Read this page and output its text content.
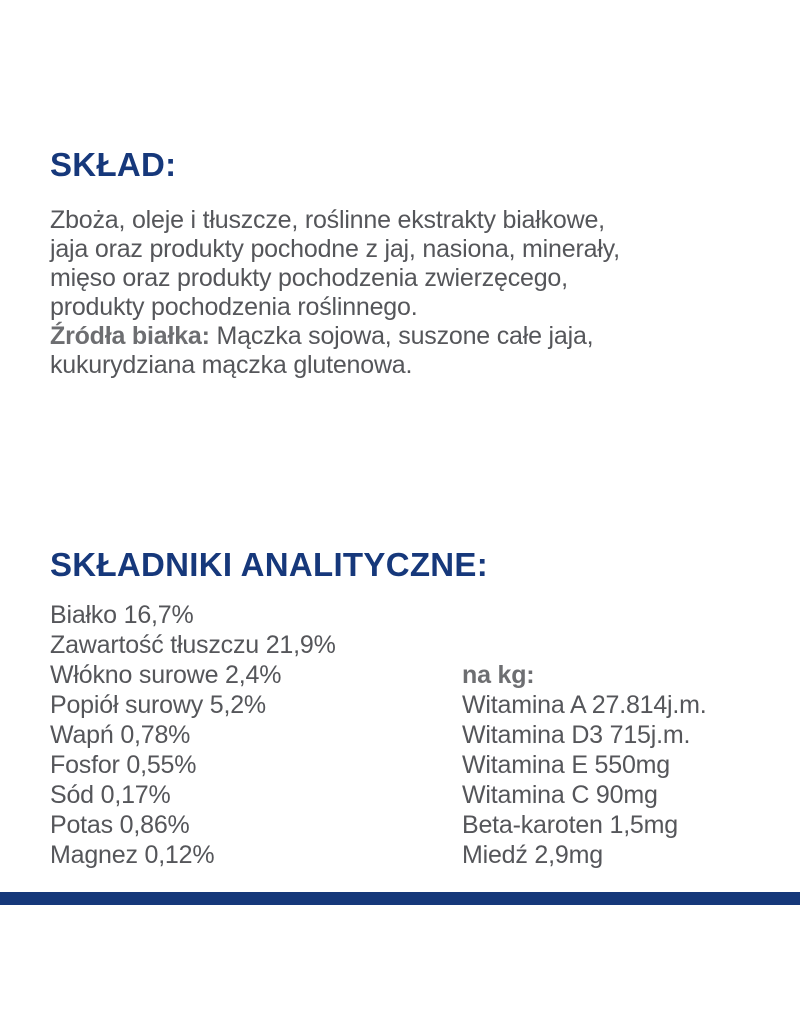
SKŁAD:
Zboża, oleje i tłuszcze, roślinne ekstrakty białkowe,
jaja oraz produkty pochodne z jaj, nasiona, minerały,
mięso oraz produkty pochodzenia zwierzęcego,
produkty pochodzenia roślinnego.
Źródła białka: Mączka sojowa, suszone całe jaja,
kukurydziana mączka glutenowa.
SKŁADNIKI ANALITYCZNE:
Białko 16,7%
Zawartość tłuszczu 21,9%
Włókno surowe 2,4%
Popiół surowy 5,2%
Wapń 0,78%
Fosfor 0,55%
Sód 0,17%
Potas 0,86%
Magnez 0,12%
na kg:
Witamina A 27.814j.m.
Witamina D3 715j.m.
Witamina E 550mg
Witamina C 90mg
Beta-karoten 1,5mg
Miedź 2,9mg
